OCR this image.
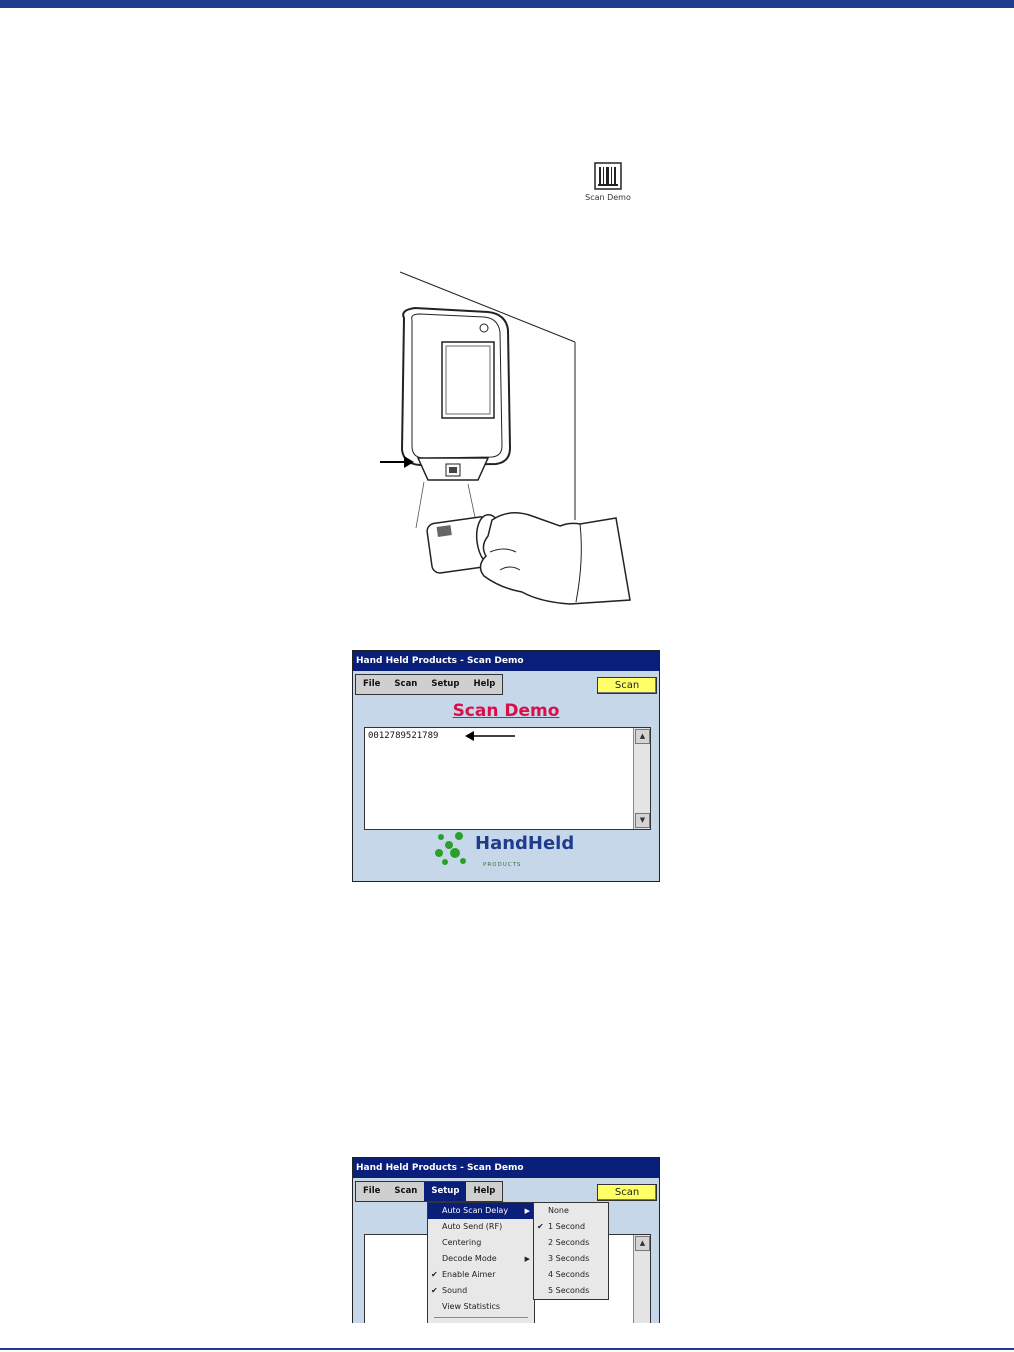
Scan Demo
Hand Held Products - Scan Demo
File	Scan	Setup	Help	Scan
Scan Demo
0012789521789	▲
▼
HandHeld
PRODUCTS
Hand Held Products - Scan Demo
File	Scan	Setup	Help	Scan
▲
Auto Scan Delay ▶
Auto Send (RF)
Centering
Decode Mode	▶
✔ Enable Aimer
✔ Sound
View Statistics
None
✔ 1 Second
2 Seconds
3 Seconds
4 Seconds
5 Seconds
